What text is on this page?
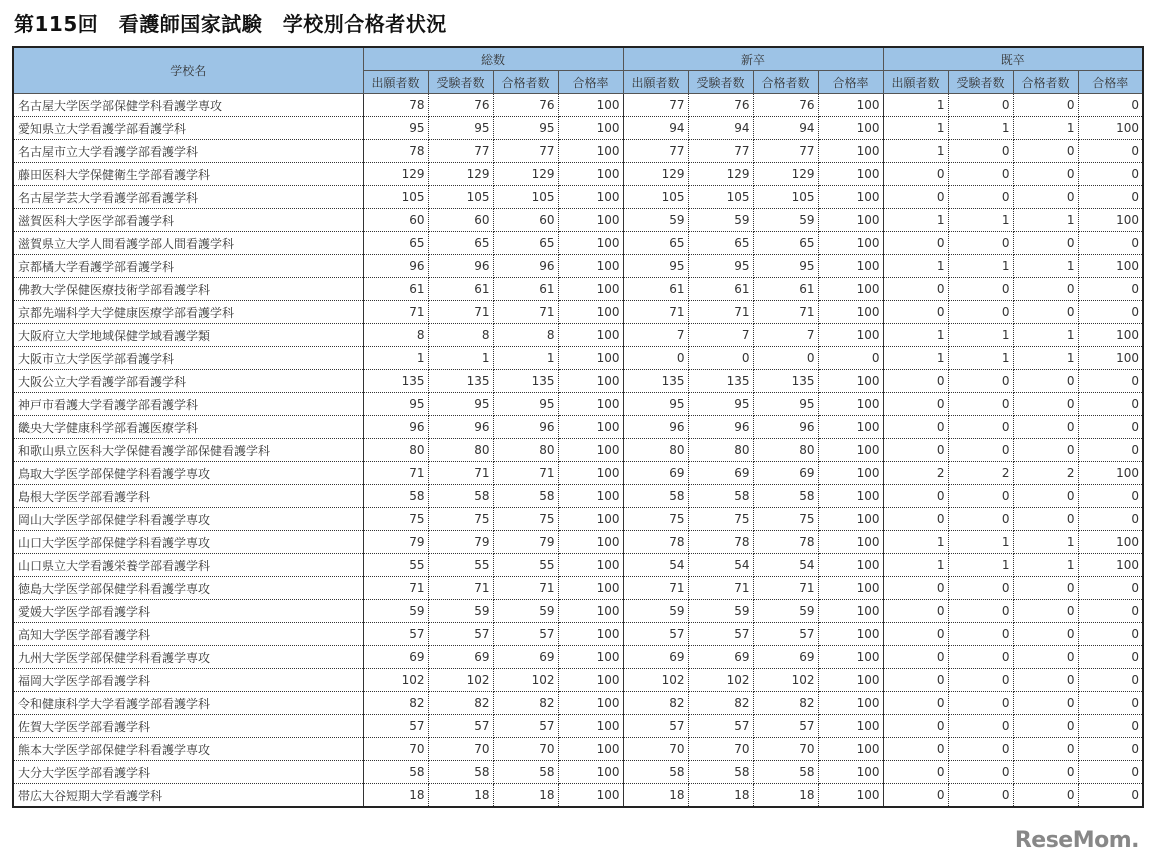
第115回　看護師国家試験　学校別合格者状況
学校名	総数				新卒				既卒			
	出願者数	受験者数	合格者数	合格率	出願者数	受験者数	合格者数	合格率	出願者数	受験者数	合格者数	合格率
名古屋大学医学部保健学科看護学専攻	78	76	76	100	77	76	76	100	1	0	0	0
愛知県立大学看護学部看護学科	95	95	95	100	94	94	94	100	1	1	1	100
名古屋市立大学看護学部看護学科	78	77	77	100	77	77	77	100	1	0	0	0
藤田医科大学保健衛生学部看護学科	129	129	129	100	129	129	129	100	0	0	0	0
名古屋学芸大学看護学部看護学科	105	105	105	100	105	105	105	100	0	0	0	0
滋賀医科大学医学部看護学科	60	60	60	100	59	59	59	100	1	1	1	100
滋賀県立大学人間看護学部人間看護学科	65	65	65	100	65	65	65	100	0	0	0	0
京都橘大学看護学部看護学科	96	96	96	100	95	95	95	100	1	1	1	100
佛教大学保健医療技術学部看護学科	61	61	61	100	61	61	61	100	0	0	0	0
京都先端科学大学健康医療学部看護学科	71	71	71	100	71	71	71	100	0	0	0	0
大阪府立大学地域保健学域看護学類	8	8	8	100	7	7	7	100	1	1	1	100
大阪市立大学医学部看護学科	1	1	1	100	0	0	0	0	1	1	1	100
大阪公立大学看護学部看護学科	135	135	135	100	135	135	135	100	0	0	0	0
神戸市看護大学看護学部看護学科	95	95	95	100	95	95	95	100	0	0	0	0
畿央大学健康科学部看護医療学科	96	96	96	100	96	96	96	100	0	0	0	0
和歌山県立医科大学保健看護学部保健看護学科	80	80	80	100	80	80	80	100	0	0	0	0
鳥取大学医学部保健学科看護学専攻	71	71	71	100	69	69	69	100	2	2	2	100
島根大学医学部看護学科	58	58	58	100	58	58	58	100	0	0	0	0
岡山大学医学部保健学科看護学専攻	75	75	75	100	75	75	75	100	0	0	0	0
山口大学医学部保健学科看護学専攻	79	79	79	100	78	78	78	100	1	1	1	100
山口県立大学看護栄養学部看護学科	55	55	55	100	54	54	54	100	1	1	1	100
徳島大学医学部保健学科看護学専攻	71	71	71	100	71	71	71	100	0	0	0	0
愛媛大学医学部看護学科	59	59	59	100	59	59	59	100	0	0	0	0
高知大学医学部看護学科	57	57	57	100	57	57	57	100	0	0	0	0
九州大学医学部保健学科看護学専攻	69	69	69	100	69	69	69	100	0	0	0	0
福岡大学医学部看護学科	102	102	102	100	102	102	102	100	0	0	0	0
令和健康科学大学看護学部看護学科	82	82	82	100	82	82	82	100	0	0	0	0
佐賀大学医学部看護学科	57	57	57	100	57	57	57	100	0	0	0	0
熊本大学医学部保健学科看護学専攻	70	70	70	100	70	70	70	100	0	0	0	0
大分大学医学部看護学科	58	58	58	100	58	58	58	100	0	0	0	0
帯広大谷短期大学看護学科	18	18	18	100	18	18	18	100	0	0	0	0
ReseMom.
